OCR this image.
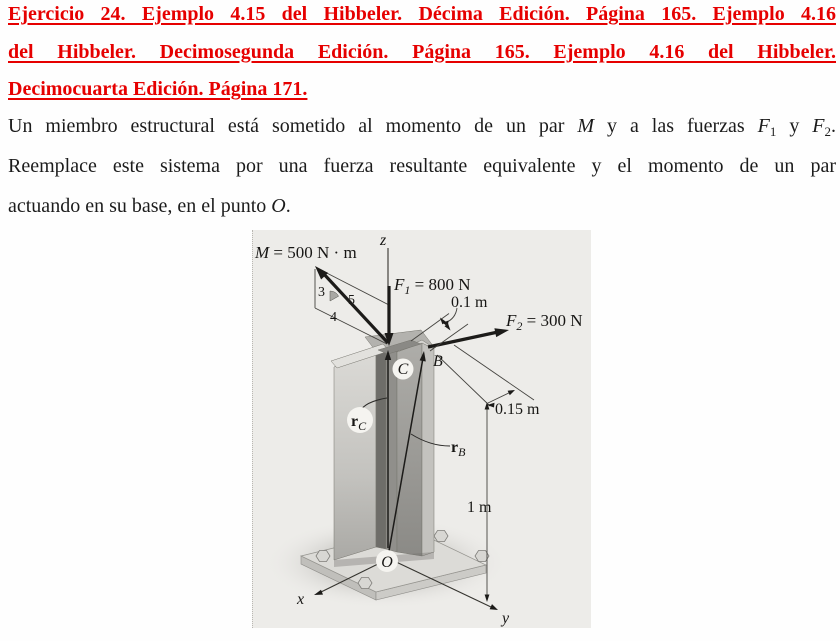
Ejercicio 24. Ejemplo 4.15 del Hibbeler. Décima Edición. Página 165. Ejemplo 4.16
del Hibbeler. Decimosegunda Edición. Página 165. Ejemplo 4.16 del Hibbeler.
Decimocuarta Edición. Página 171.
Un miembro estructural está sometido al momento de un par M y a las fuerzas $F_1$ y $F_2$.
Reemplace este sistema por una fuerza resultante equivalente y el momento de un par
actuando en su base, en el punto O.
z
3
4
5
M = 500 N · m
$F_1 = 800$ N
$F_2 = 300$ N
0.1 m
0.15 m
1 m
x
y
C B
O
$r_C$
$r_B$
